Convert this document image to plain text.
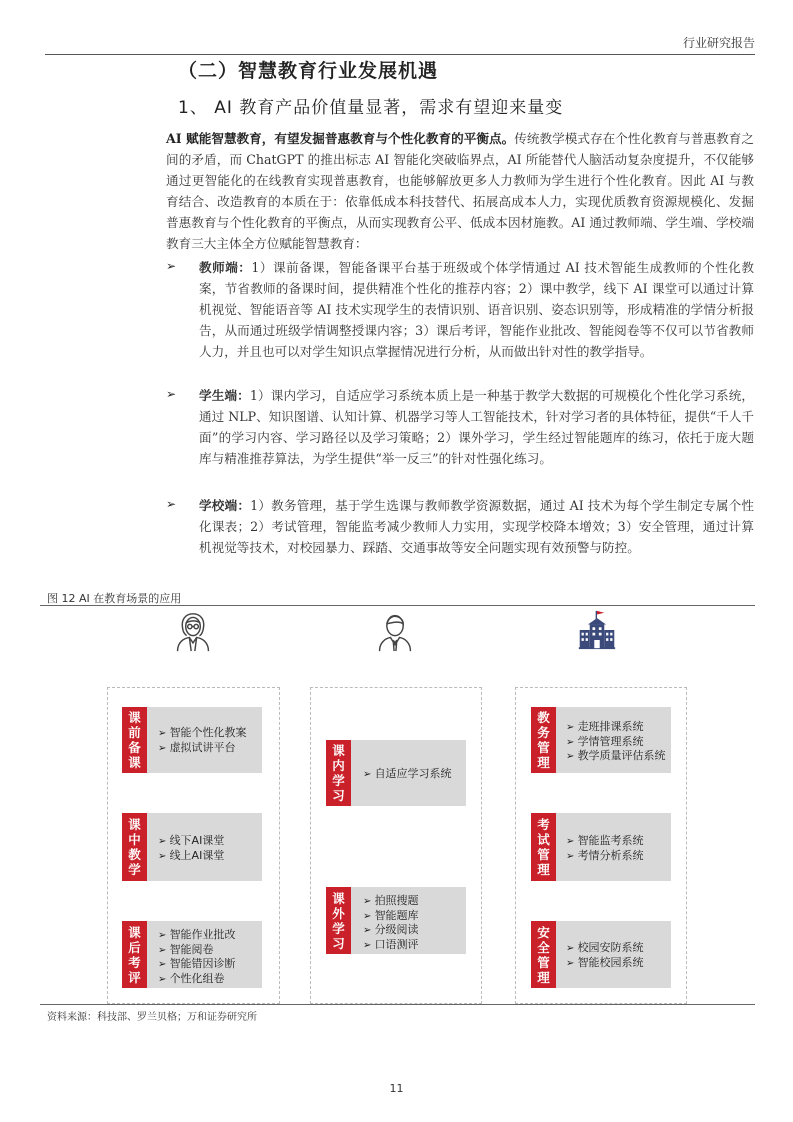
行业研究报告
（二）智慧教育行业发展机遇
1、 AI 教育产品价值量显著，需求有望迎来量变
AI 赋能智慧教育，有望发掘普惠教育与个性化教育的平衡点。传统教学模式存在个性化教育与普惠教育之间的矛盾，而 ChatGPT 的推出标志 AI 智能化突破临界点，AI 所能替代人脑活动复杂度提升，不仅能够通过更智能化的在线教育实现普惠教育，也能够解放更多人力教师为学生进行个性化教育。因此 AI 与教育结合、改造教育的本质在于：依靠低成本科技替代、拓展高成本人力，实现优质教育资源规模化、发掘普惠教育与个性化教育的平衡点，从而实现教育公平、低成本因材施教。AI 通过教师端、学生端、学校端教育三大主体全方位赋能智慧教育：
➢ 教师端：1）课前备课，智能备课平台基于班级或个体学情通过 AI 技术智能生成教师的个性化教案，节省教师的备课时间，提供精准个性化的推荐内容；2）课中教学，线下 AI 课堂可以通过计算机视觉、智能语音等 AI 技术实现学生的表情识别、语音识别、姿态识别等，形成精准的学情分析报告，从而通过班级学情调整授课内容；3）课后考评，智能作业批改、智能阅卷等不仅可以节省教师人力，并且也可以对学生知识点掌握情况进行分析，从而做出针对性的教学指导。
➢ 学生端：1）课内学习，自适应学习系统本质上是一种基于教学大数据的可规模化个性化学习系统，通过 NLP、知识图谱、认知计算、机器学习等人工智能技术，针对学习者的具体特征，提供“千人千面”的学习内容、学习路径以及学习策略；2）课外学习，学生经过智能题库的练习，依托于庞大题库与精准推荐算法，为学生提供“举一反三”的针对性强化练习。
➢ 学校端：1）教务管理，基于学生选课与教师教学资源数据，通过 AI 技术为每个学生制定专属个性化课表；2）考试管理，智能监考减少教师人力实用，实现学校降本增效；3）安全管理，通过计算机视觉等技术，对校园暴力、踩踏、交通事故等安全问题实现有效预警与防控。
图 12 AI 在教育场景的应用
课前备课
➢ 智能个性化教案
➢ 虚拟试讲平台
课中教学
➢ 线下AI课堂
➢ 线上AI课堂
课后考评
➢ 智能作业批改
➢ 智能阅卷
➢ 智能错因诊断
➢ 个性化组卷
课内学习
➢ 自适应学习系统
课外学习
➢ 拍照搜题
➢ 智能题库
➢ 分级阅读
➢ 口语测评
教务管理
➢ 走班排课系统
➢ 学情管理系统
➢ 教学质量评估系统
考试管理
➢ 智能监考系统
➢ 考情分析系统
安全管理
➢ 校园安防系统
➢ 智能校园系统
资料来源：科技部、罗兰贝格；万和证券研究所
11
